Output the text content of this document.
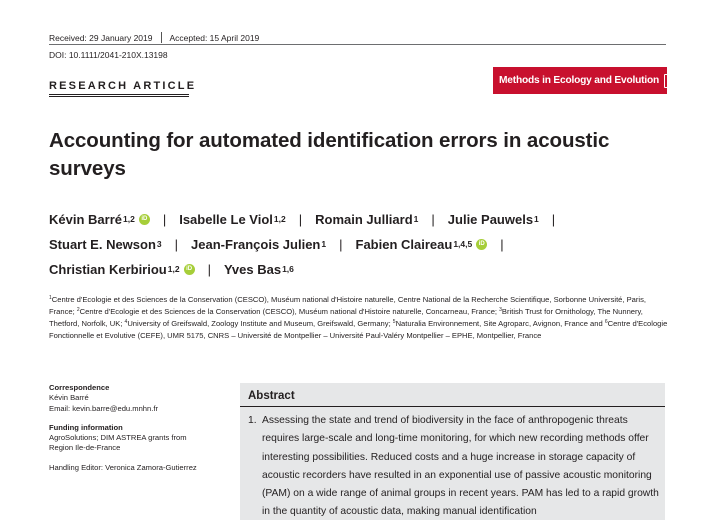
Received: 29 January 2019 Accepted: 15 April 2019
DOI: 10.1111/2041-210X.13198
RESEARCH ARTICLE	Methods in Ecology and Evolution
BRITISH ECOLOGICAL SOCIETY
Accounting for automated identification errors in acoustic surveys
Kévin Barré 1,2	iD | Isabelle Le Viol 1,2 | Romain Julliard 1 | Julie Pauwels 1 |
Stuart E. Newson 3 | Jean-François Julien 1 | Fabien Claireau 1,4,5	iD |
Christian Kerbiriou 1,2	iD | Yves Bas 1,6
$^1$Centre d'Ecologie et des Sciences de la Conservation (CESCO), Muséum national d'Histoire naturelle, Centre National de la Recherche Scientifique, Sorbonne Université, Paris, France; $^2$Centre d'Ecologie et des Sciences de la Conservation (CESCO), Muséum national d'Histoire naturelle, Concarneau, France; $^3$British Trust for Ornithology, The Nunnery, Thetford, Norfolk, UK; $^4$University of Greifswald, Zoology Institute and Museum, Greifswald, Germany; $^5$Naturalia Environnement, Site Agroparc, Avignon, France and $^6$Centre d'Ecologie Fonctionnelle et Evolutive (CEFE), UMR 5175, CNRS – Université de Montpellier – Université Paul-Valéry Montpellier – EPHE, Montpellier, France
Correspondence
Kévin Barré
Email: kevin.barre@edu.mnhn.fr
Funding information
AgroSolutions; DIM ASTREA grants from
Region Ile-de-France
Handling Editor: Veronica Zamora-Gutierrez
Abstract
1. Assessing the state and trend of biodiversity in the face of anthropogenic threats requires large-scale and long-time monitoring, for which new recording methods offer interesting possibilities. Reduced costs and a huge increase in storage capacity of acoustic recorders have resulted in an exponential use of passive acoustic monitoring (PAM) on a wide range of animal groups in recent years. PAM has led to a rapid growth in the quantity of acoustic data, making manual identification
